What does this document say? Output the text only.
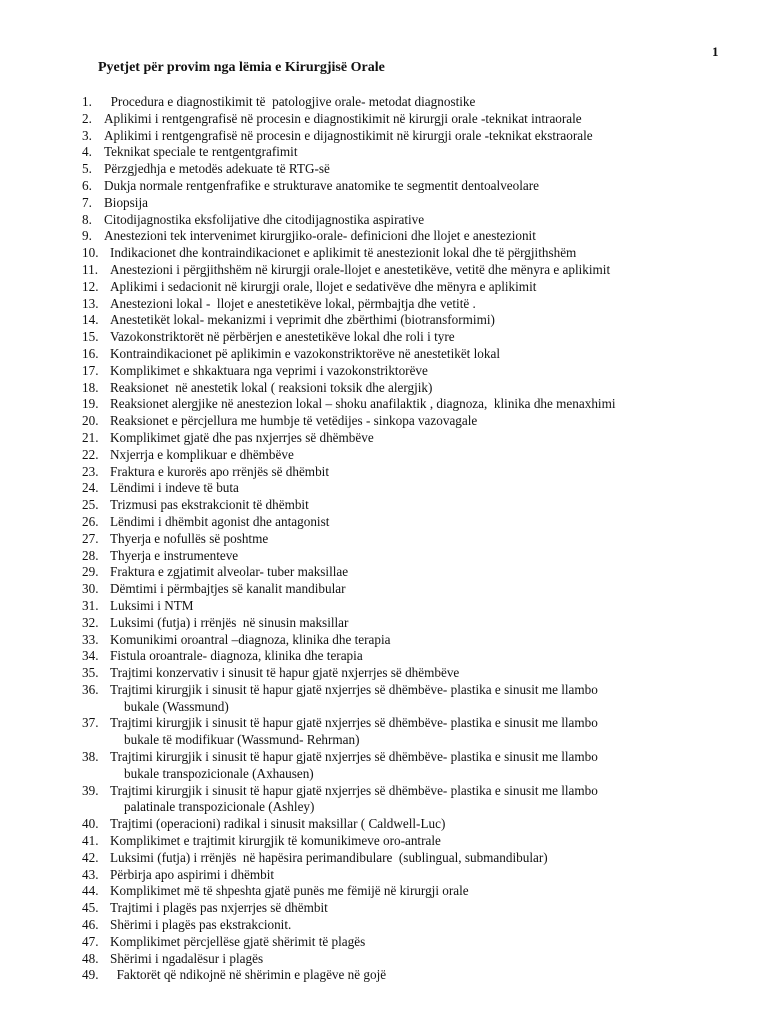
1
Pyetjet për provim nga lëmia e Kirurgjisë Orale
1. Procedura e diagnostikimit të  patologjive orale- metodat diagnostike
2. Aplikimi i rentgengrafisë në procesin e diagnostikimit në kirurgji orale -teknikat intraorale
3. Aplikimi i rentgengrafisë në procesin e dijagnostikimit në kirurgji orale -teknikat ekstraorale
4. Teknikat speciale te rentgentgrafimit
5. Përzgjedhja e metodës adekuate të RTG-së
6. Dukja normale rentgenfrafike e strukturave anatomike te segmentit dentoalveolare
7. Biopsija
8. Citodijagnostika eksfolijative dhe citodijagnostika aspirative
9. Anestezioni tek intervenimet kirurgjiko-orale- definicioni dhe llojet e anestezionit
10. Indikacionet dhe kontraindikacionet e aplikimit të anestezionit lokal dhe të përgjithshëm
11. Anestezioni i përgjithshëm në kirurgji orale-llojet e anestetikëve, vetitë dhe mënyra e aplikimit
12. Aplikimi i sedacionit në kirurgji orale, llojet e sedativëve dhe mënyra e aplikimit
13. Anestezioni lokal -  llojet e anestetikëve lokal, përmbajtja dhe vetitë .
14. Anestetikët lokal- mekanizmi i veprimit dhe zbërthimi (biotransformimi)
15. Vazokonstriktorët në përbërjen e anestetikëve lokal dhe roli i tyre
16. Kontraindikacionet pë aplikimin e vazokonstriktorëve në anestetikët lokal
17. Komplikimet e shkaktuara nga veprimi i vazokonstriktorëve
18. Reaksionet  në anestetik lokal ( reaksioni toksik dhe alergjik)
19. Reaksionet alergjike në anestezion lokal – shoku anafilaktik , diagnoza,  klinika dhe menaxhimi
20. Reaksionet e përcjellura me humbje të vetëdijes - sinkopa vazovagale
21. Komplikimet gjatë dhe pas nxjerrjes së dhëmbëve
22. Nxjerrja e komplikuar e dhëmbëve
23. Fraktura e kurorës apo rrënjës së dhëmbit
24. Lëndimi i indeve të buta
25. Trizmusi pas ekstrakcionit të dhëmbit
26. Lëndimi i dhëmbit agonist dhe antagonist
27. Thyerja e nofullës së poshtme
28. Thyerja e instrumenteve
29. Fraktura e zgjatimit alveolar- tuber maksillae
30. Dëmtimi i përmbajtjes së kanalit mandibular
31. Luksimi i NTM
32. Luksimi (futja) i rrënjës  në sinusin maksillar
33. Komunikimi oroantral –diagnoza, klinika dhe terapia
34. Fistula oroantrale- diagnoza, klinika dhe terapia
35. Trajtimi konzervativ i sinusit të hapur gjatë nxjerrjes së dhëmbëve
36. Trajtimi kirurgjik i sinusit të hapur gjatë nxjerrjes së dhëmbëve- plastika e sinusit me llambo
bukale (Wassmund)
37. Trajtimi kirurgjik i sinusit të hapur gjatë nxjerrjes së dhëmbëve- plastika e sinusit me llambo
bukale të modifikuar (Wassmund- Rehrman)
38. Trajtimi kirurgjik i sinusit të hapur gjatë nxjerrjes së dhëmbëve- plastika e sinusit me llambo
bukale transpozicionale (Axhausen)
39. Trajtimi kirurgjik i sinusit të hapur gjatë nxjerrjes së dhëmbëve- plastika e sinusit me llambo
palatinale transpozicionale (Ashley)
40. Trajtimi (operacioni) radikal i sinusit maksillar ( Caldwell-Luc)
41. Komplikimet e trajtimit kirurgjik të komunikimeve oro-antrale
42. Luksimi (futja) i rrënjës  në hapësira perimandibulare  (sublingual, submandibular)
43. Përbirja apo aspirimi i dhëmbit
44. Komplikimet më të shpeshta gjatë punës me fëmijë në kirurgji orale
45. Trajtimi i plagës pas nxjerrjes së dhëmbit
46. Shërimi i plagës pas ekstrakcionit.
47. Komplikimet përcjellëse gjatë shërimit të plagës
48. Shërimi i ngadalësur i plagës
49. Faktorët që ndikojnë në shërimin e plagëve në gojë
